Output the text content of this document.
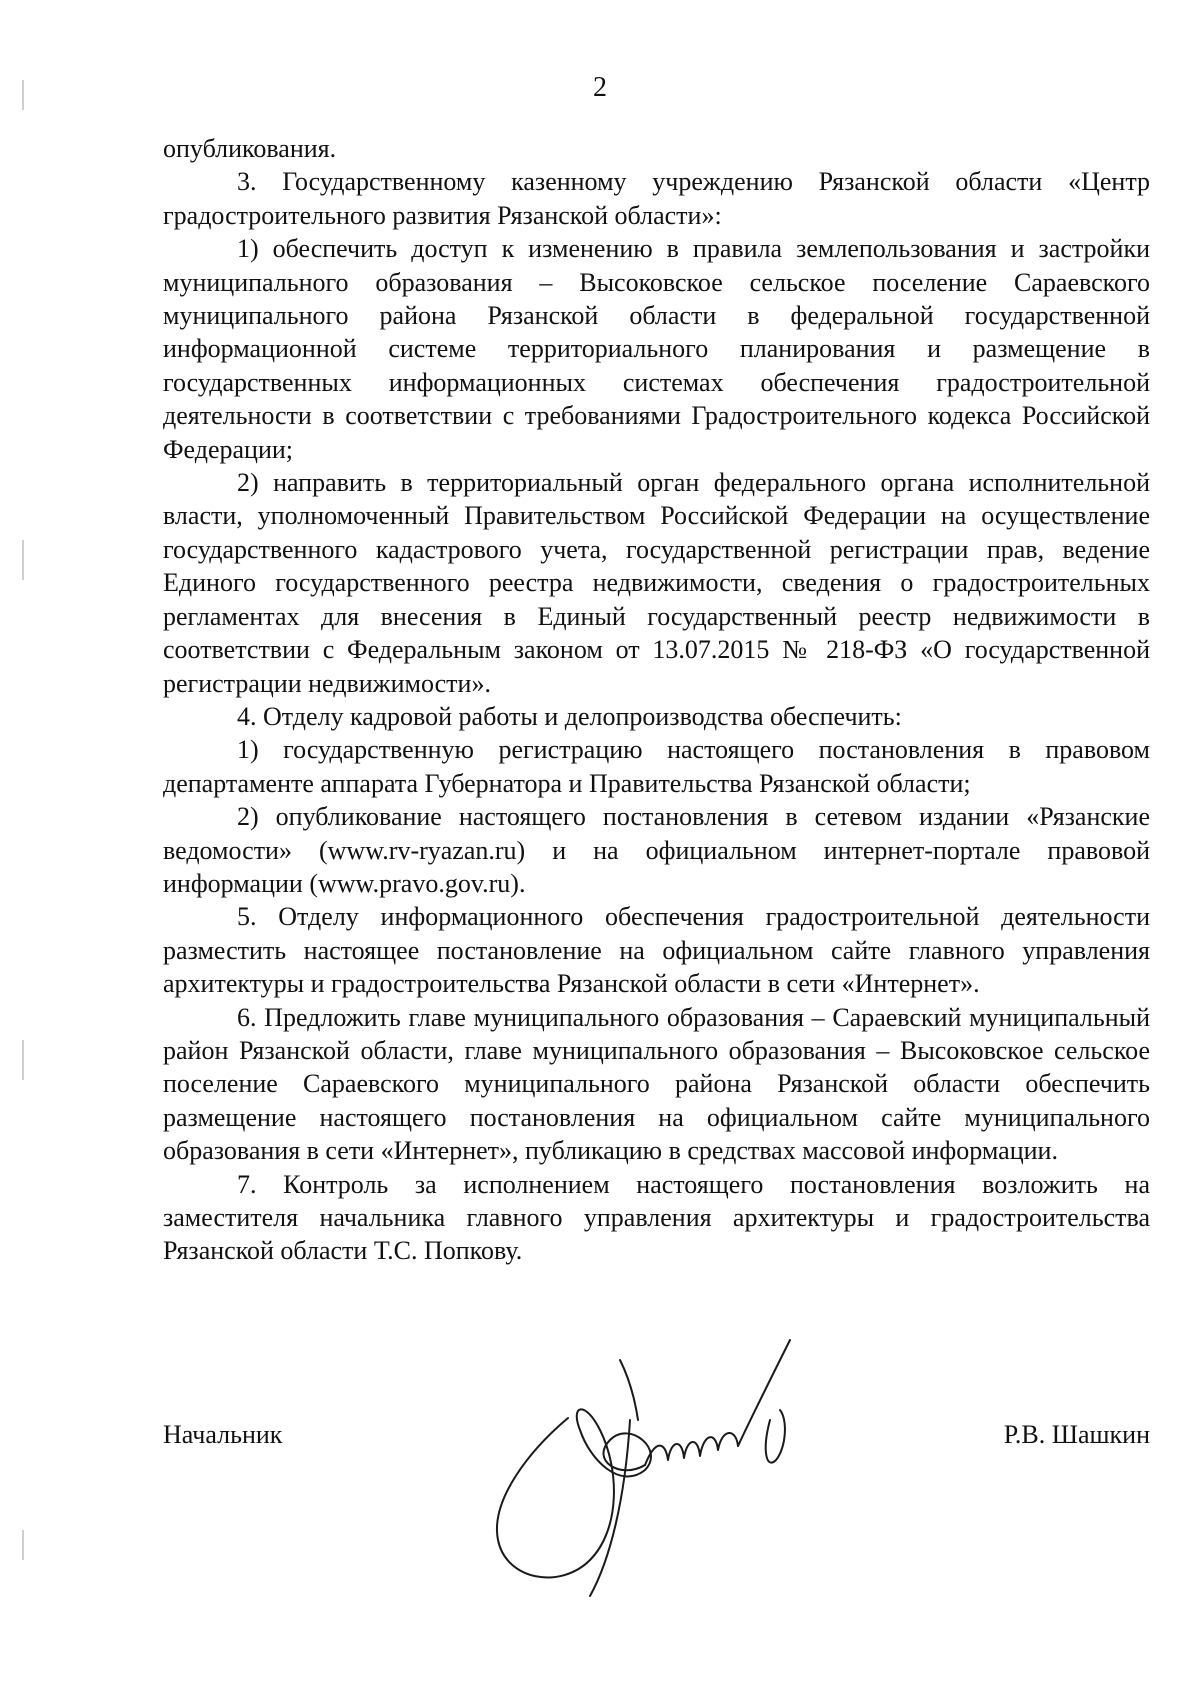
2

опубликования.

3. Государственному казенному учреждению Рязанской области «Центр градостроительного развития Рязанской области»:

1) обеспечить доступ к изменению в правила землепользования и застройки муниципального образования – Высоковское сельское поселение Сараевского муниципального района Рязанской области в федеральной государственной информационной системе территориального планирования и размещение в государственных информационных системах обеспечения градостроительной деятельности в соответствии с требованиями Градостроительного кодекса Российской Федерации;

2) направить в территориальный орган федерального органа исполнительной власти, уполномоченный Правительством Российской Федерации на осуществление государственного кадастрового учета, государственной регистрации прав, ведение Единого государственного реестра недвижимости, сведения о градостроительных регламентах для внесения в Единый государственный реестр недвижимости в соответствии с Федеральным законом от 13.07.2015 № 218-ФЗ «О государственной регистрации недвижимости».

4. Отделу кадровой работы и делопроизводства обеспечить:

1) государственную регистрацию настоящего постановления в правовом департаменте аппарата Губернатора и Правительства Рязанской области;

2) опубликование настоящего постановления в сетевом издании «Рязанские ведомости» (www.rv-ryazan.ru) и на официальном интернет-портале правовой информации (www.pravo.gov.ru).

5. Отделу информационного обеспечения градостроительной деятельности разместить настоящее постановление на официальном сайте главного управления архитектуры и градостроительства Рязанской области в сети «Интернет».

6. Предложить главе муниципального образования – Сараевский муниципальный район Рязанской области, главе муниципального образования – Высоковское сельское поселение Сараевского муниципального района Рязанской области обеспечить размещение настоящего постановления на официальном сайте муниципального образования в сети «Интернет», публикацию в средствах массовой информации.

7. Контроль за исполнением настоящего постановления возложить на заместителя начальника главного управления архитектуры и градостроительства Рязанской области Т.С. Попкову.

Начальник	Р.В. Шашкин
